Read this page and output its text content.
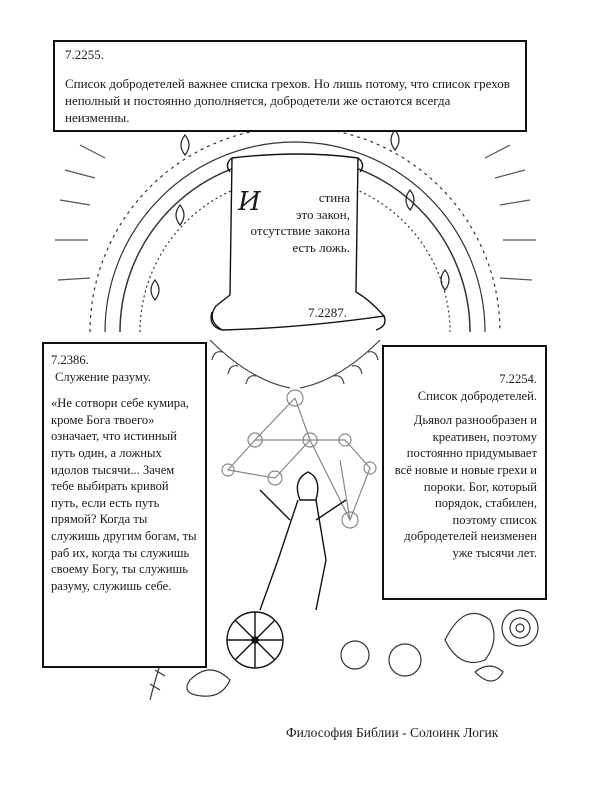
7.2255.

Список добродетелей важнее списка грехов. Но лишь потому, что список грехов неполный и постоянно дополняется, добродетели же остаются всегда неизменны.

И	стина
это закон,
отсутствие закона
есть ложь.
7.2287.

7.2386.

Служение разуму.

«Не сотвори себе кумира, кроме Бога твоего» означает, что истинный путь один, а ложных идолов тысячи... Зачем тебе выбирать кривой путь, если есть путь прямой? Когда ты служишь другим богам, ты раб их, когда ты служишь своему Богу, ты служишь разуму, служишь себе.

7.2254.

Список добродетелей.

Дьявол разнообразен и креативен, поэтому постоянно придумывает всё новые и новые грехи и пороки. Бог, который порядок, стабилен, поэтому список добродетелей неизменен уже тысячи лет.

Философия Библии - Солоинк Логик
